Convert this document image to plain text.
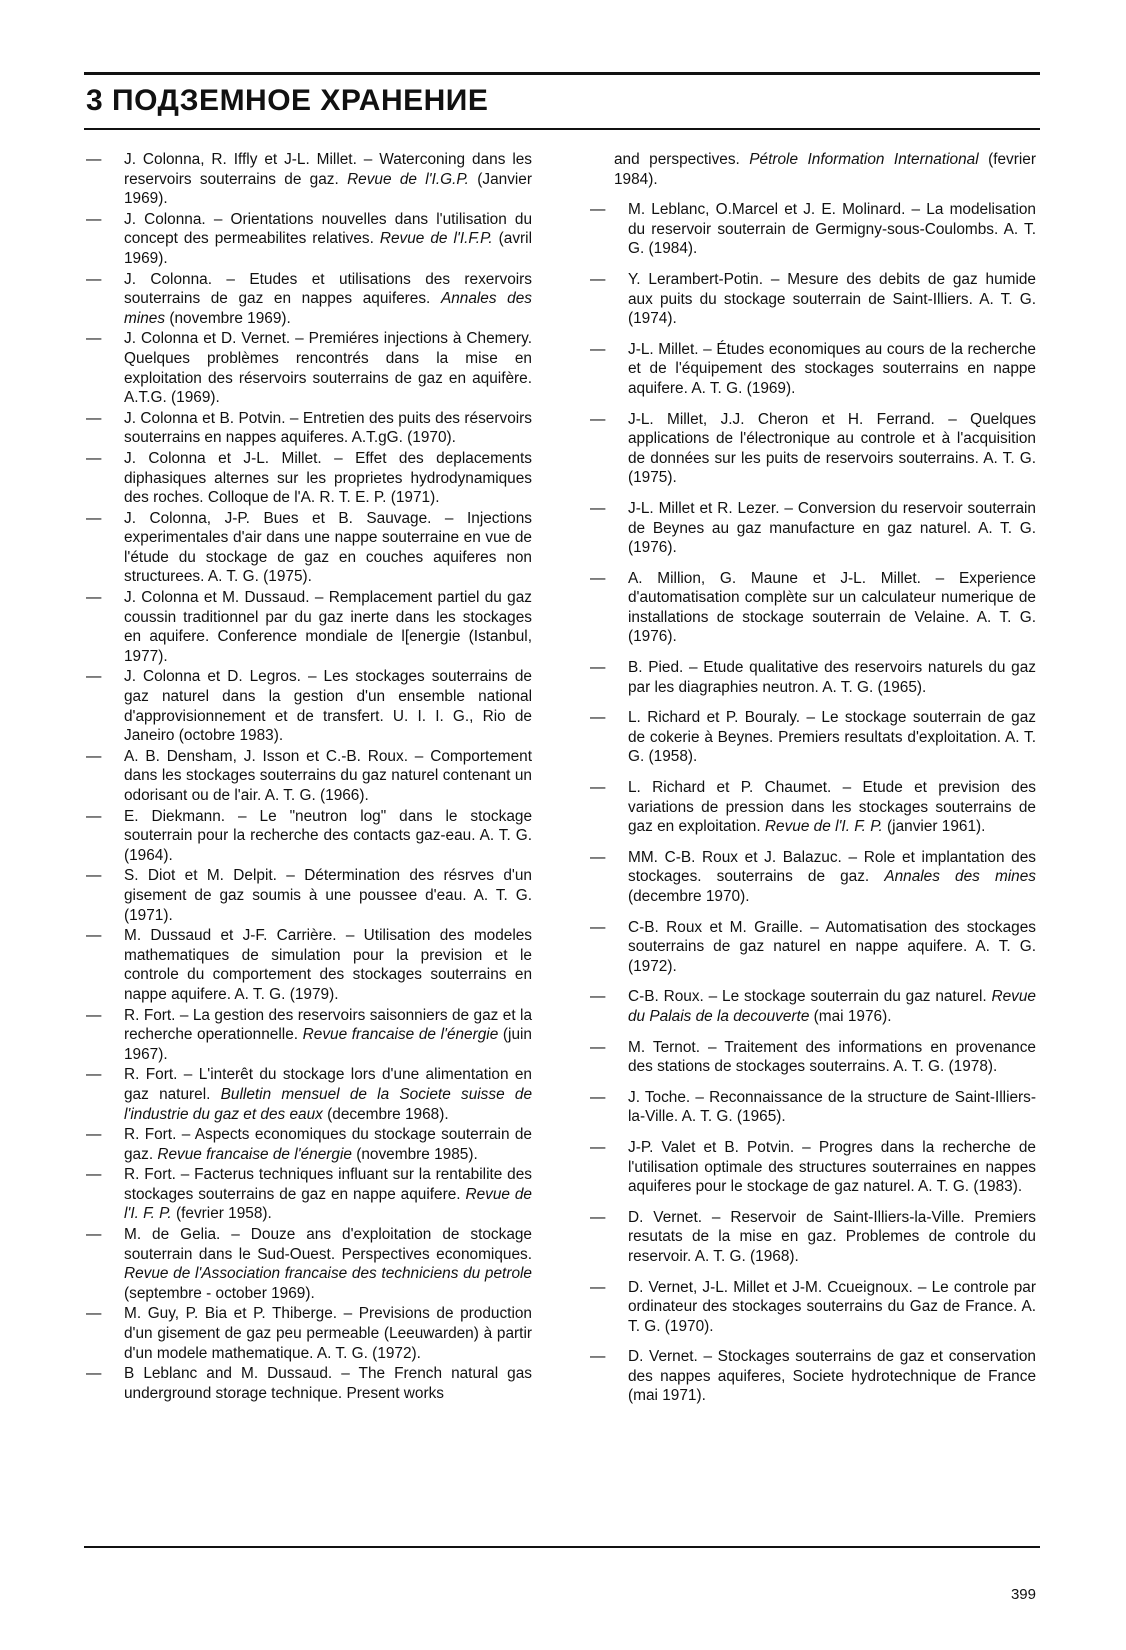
3 ПОДЗЕМНОЕ ХРАНЕНИЕ
— J. Colonna, R. Iffly et J-L. Millet. – Waterconing dans les reservoirs souterrains de gaz. Revue de l'I.G.P. (Janvier 1969).
— J. Colonna. – Orientations nouvelles dans l'utilisation du concept des permeabilites relatives. Revue de l'I.F.P. (avril 1969).
— J. Colonna. – Etudes et utilisations des rexervoirs souterrains de gaz en nappes aquiferes. Annales des mines (novembre 1969).
— J. Colonna et D. Vernet. – Premiéres injections à Chemery. Quelques problèmes rencontrés dans la mise en exploitation des réservoirs souterrains de gaz en aquifère. A.T.G. (1969).
— J. Colonna et B. Potvin. – Entretien des puits des réservoirs souterrains en nappes aquiferes. A.T.gG. (1970).
— J. Colonna et J-L. Millet. – Effet des deplacements diphasiques alternes sur les proprietes hydrodynamiques des roches. Colloque de l'A. R. T. E. P. (1971).
— J. Colonna, J-P. Bues et B. Sauvage. – Injections experimentales d'air dans une nappe souterraine en vue de l'étude du stockage de gaz en couches aquiferes non structurees. A. T. G. (1975).
— J. Colonna et M. Dussaud. – Remplacement partiel du gaz coussin traditionnel par du gaz inerte dans les stockages en aquifere. Conference mondiale de l[energie (Istanbul, 1977).
— J. Colonna et D. Legros. – Les stockages souterrains de gaz naturel dans la gestion d'un ensemble national d'approvisionnement et de transfert. U. I. I. G., Rio de Janeiro (octobre 1983).
— A. B. Densham, J. Isson et C.-B. Roux. – Comportement dans les stockages souterrains du gaz naturel contenant un odorisant ou de l'air. A. T. G. (1966).
— E. Diekmann. – Le "neutron log" dans le stockage souterrain pour la recherche des contacts gaz-eau. A. T. G. (1964).
— S. Diot et M. Delpit. – Détermination des résrves d'un gisement de gaz soumis à une poussee d'eau. A. T. G. (1971).
— M. Dussaud et J-F. Carrière. – Utilisation des modeles mathematiques de simulation pour la prevision et le controle du comportement des stockages souterrains en nappe aquifere. A. T. G. (1979).
— R. Fort. – La gestion des reservoirs saisonniers de gaz et la recherche operationnelle. Revue francaise de l'énergie (juin 1967).
— R. Fort. – L'interêt du stockage lors d'une alimentation en gaz naturel. Bulletin mensuel de la Societe suisse de l'industrie du gaz et des eaux (decembre 1968).
— R. Fort. – Aspects economiques du stockage souterrain de gaz. Revue francaise de l'énergie (novembre 1985).
— R. Fort. – Facterus techniques influant sur la rentabilite des stockages souterrains de gaz en nappe aquifere. Revue de l'I. F. P. (fevrier 1958).
— M. de Gelia. – Douze ans d'exploitation de stockage souterrain dans le Sud-Ouest. Perspectives economiques. Revue de l'Association francaise des techniciens du petrole (septembre - october 1969).
— M. Guy, P. Bia et P. Thiberge. – Previsions de production d'un gisement de gaz peu permeable (Leeuwarden) à partir d'un modele mathematique. A. T. G. (1972).
— B Leblanc and M. Dussaud. – The French natural gas underground storage technique. Present works
and perspectives. Pétrole Information International (fevrier 1984).
— M. Leblanc, O.Marcel et J. E. Molinard. – La modelisation du reservoir souterrain de Germigny-sous-Coulombs. A. T. G. (1984).
— Y. Lerambert-Potin. – Mesure des debits de gaz humide aux puits du stockage souterrain de Saint-Illiers. A. T. G. (1974).
— J-L. Millet. – Études economiques au cours de la recherche et de l'équipement des stockages souterrains en nappe aquifere. A. T. G. (1969).
— J-L. Millet, J.J. Cheron et H. Ferrand. – Quelques applications de l'électronique au controle et à l'acquisition de données sur les puits de reservoirs souterrains. A. T. G. (1975).
— J-L. Millet et R. Lezer. – Conversion du reservoir souterrain de Beynes au gaz manufacture en gaz naturel. A. T. G. (1976).
— A. Million, G. Maune et J-L. Millet. – Experience d'automatisation complète sur un calculateur numerique de installations de stockage souterrain de Velaine. A. T. G. (1976).
— B. Pied. – Etude qualitative des reservoirs naturels du gaz par les diagraphies neutron. A. T. G. (1965).
— L. Richard et P. Bouraly. – Le stockage souterrain de gaz de cokerie à Beynes. Premiers resultats d'exploitation. A. T. G. (1958).
— L. Richard et P. Chaumet. – Etude et prevision des variations de pression dans les stockages souterrains de gaz en exploitation. Revue de l'I. F. P. (janvier 1961).
— MM. C-B. Roux et J. Balazuc. – Role et implantation des stockages. souterrains de gaz. Annales des mines (decembre 1970).
— C-B. Roux et M. Graille. – Automatisation des stockages souterrains de gaz naturel en nappe aquifere. A. T. G. (1972).
— C-B. Roux. – Le stockage souterrain du gaz naturel. Revue du Palais de la decouverte (mai 1976).
— M. Ternot. – Traitement des informations en provenance des stations de stockages souterrains. A. T. G. (1978).
— J. Toche. – Reconnaissance de la structure de Saint-Illiers- la-Ville. A. T. G. (1965).
— J-P. Valet et B. Potvin. – Progres dans la recherche de l'utilisation optimale des structures souterraines en nappes aquiferes pour le stockage de gaz naturel. A. T. G. (1983).
— D. Vernet. – Reservoir de Saint-Illiers-la-Ville. Premiers resutats de la mise en gaz. Problemes de controle du reservoir. A. T. G. (1968).
— D. Vernet, J-L. Millet et J-M. Ccueignoux. – Le controle par ordinateur des stockages souterrains du Gaz de France. A. T. G. (1970).
— D. Vernet. – Stockages souterrains de gaz et conservation des nappes aquiferes, Societe hydrotechnique de France (mai 1971).
399
